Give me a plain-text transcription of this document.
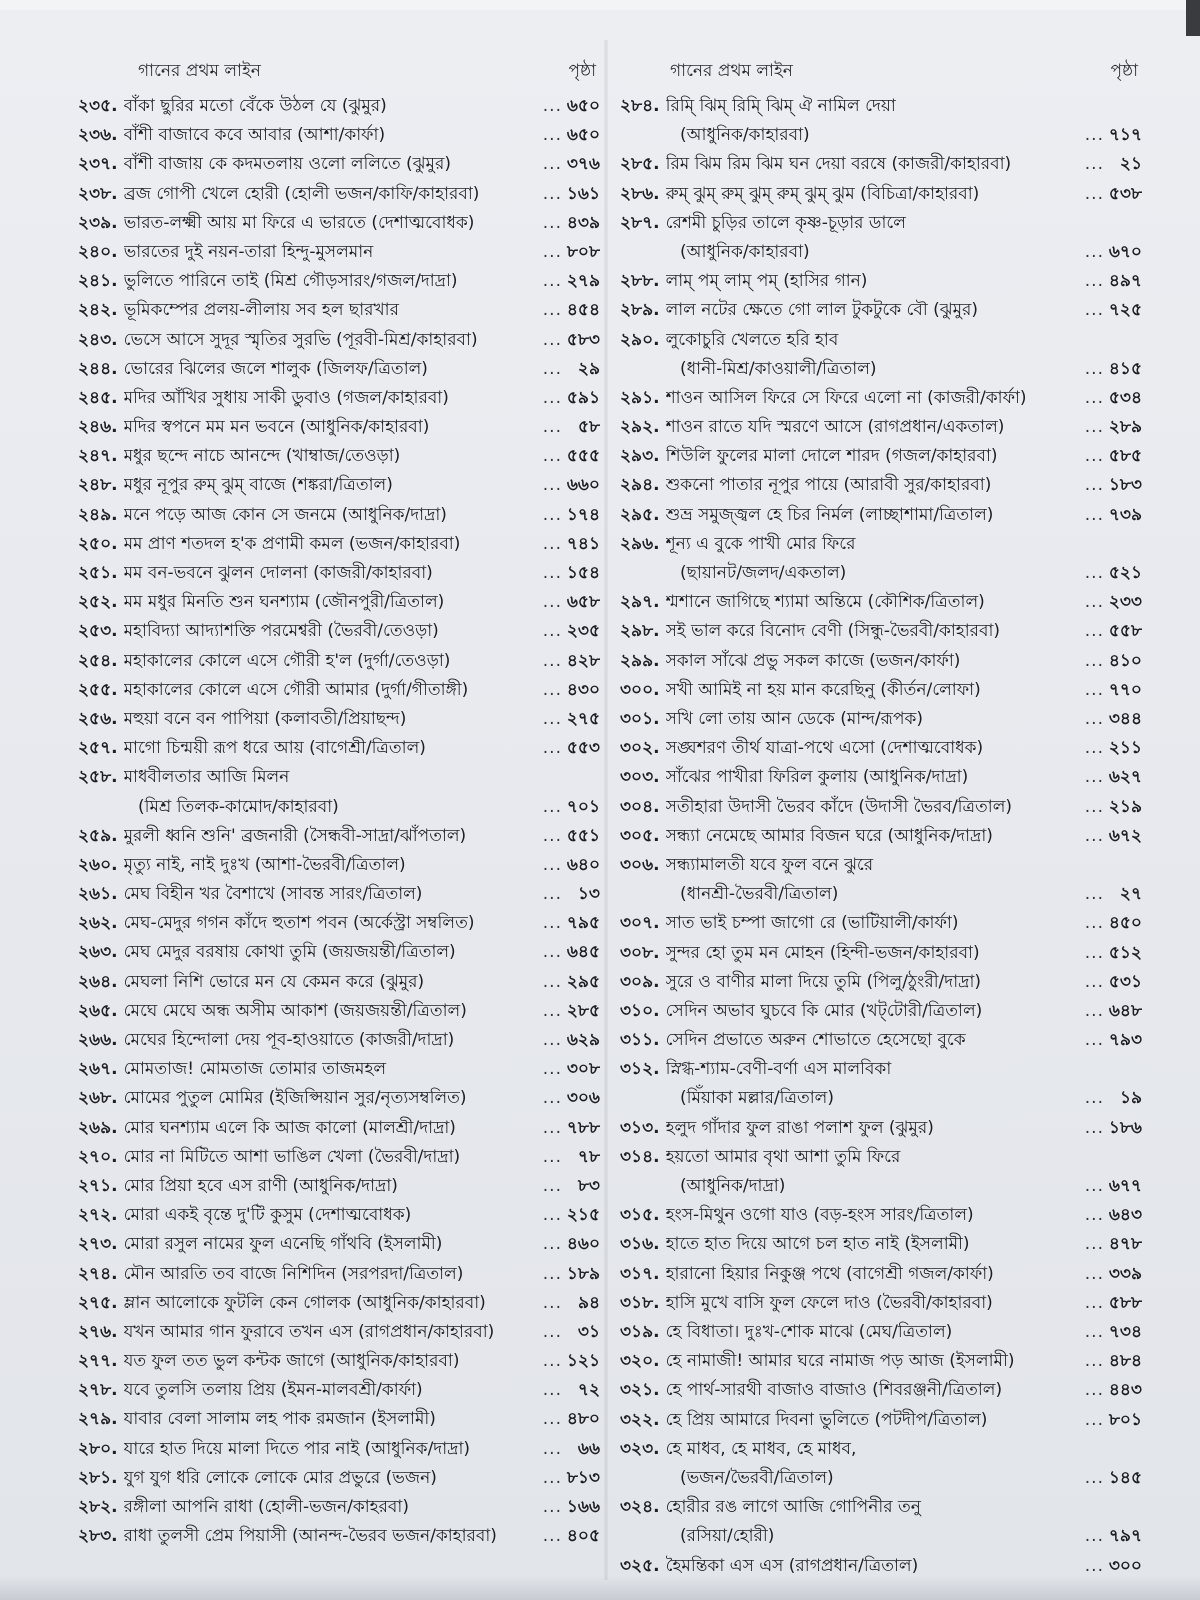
গানের প্রথম লাইন	পৃষ্ঠা
২৩৫. বাঁকা ছুরির মতো বেঁকে উঠল যে (ঝুমুর)	... ৬৫০
২৩৬. বাঁশী বাজাবে কবে আবার (আশা/কার্ফা)	... ৬৫০
২৩৭. বাঁশী বাজায় কে কদমতলায় ওলো ললিতে (ঝুমুর)	... ৩৭৬
২৩৮. ব্রজ গোপী খেলে হোরী (হোলী ভজন/কাফি/কাহারবা)	... ১৬১
২৩৯. ভারত-লক্ষ্মী আয় মা ফিরে এ ভারতে (দেশাত্মবোধক)	... ৪৩৯
২৪০. ভারতের দুই নয়ন-তারা হিন্দু-মুসলমান	... ৮০৮
২৪১. ভুলিতে পারিনে তাই (মিশ্র গৌড়সারং/গজল/দাদ্রা)	... ২৭৯
২৪২. ভূমিকম্পের প্রলয়-লীলায় সব হল ছারখার	... ৪৫৪
২৪৩. ভেসে আসে সুদূর স্মৃতির সুরভি (পূরবী-মিশ্র/কাহারবা)	... ৫৮৩
২৪৪. ভোরের ঝিলের জলে শালুক (জিলফ/ত্রিতাল)	... ২৯
২৪৫. মদির আঁখির সুধায় সাকী ডুবাও (গজল/কাহারবা)	... ৫৯১
২৪৬. মদির স্বপনে মম মন ভবনে (আধুনিক/কাহারবা)	... ৫৮
২৪৭. মধুর ছন্দে নাচে আনন্দে (খাম্বাজ/তেওড়া)	... ৫৫৫
২৪৮. মধুর নূপুর রুম্ ঝুম্ বাজে (শঙ্করা/ত্রিতাল)	... ৬৬০
২৪৯. মনে পড়ে আজ কোন সে জনমে (আধুনিক/দাদ্রা)	... ১৭৪
২৫০. মম প্রাণ শতদল হ'ক প্রণামী কমল (ভজন/কাহারবা)	... ৭৪১
২৫১. মম বন-ভবনে ঝুলন দোলনা (কাজরী/কাহারবা)	... ১৫৪
২৫২. মম মধুর মিনতি শুন ঘনশ্যাম (জৌনপুরী/ত্রিতাল)	... ৬৫৮
২৫৩. মহাবিদ্যা আদ্যাশক্তি পরমেশ্বরী (ভৈরবী/তেওড়া)	... ২৩৫
২৫৪. মহাকালের কোলে এসে গৌরী হ'ল (দুর্গা/তেওড়া)	... ৪২৮
২৫৫. মহাকালের কোলে এসে গৌরী আমার (দুর্গা/গীতাঙ্গী)	... ৪৩০
২৫৬. মহুয়া বনে বন পাপিয়া (কলাবতী/প্রিয়াছন্দ)	... ২৭৫
২৫৭. মাগো চিন্ময়ী রূপ ধরে আয় (বাগেশ্রী/ত্রিতাল)	... ৫৫৩
২৫৮. মাধবীলতার আজি মিলন
(মিশ্র তিলক-কামোদ/কাহারবা)	... ৭০১
২৫৯. মুরলী ধ্বনি শুনি' ব্রজনারী (সৈন্ধবী-সাদ্রা/ঝাঁপতাল)	... ৫৫১
২৬০. মৃত্যু নাই, নাই দুঃখ (আশা-ভৈরবী/ত্রিতাল)	... ৬৪০
২৬১. মেঘ বিহীন খর বৈশাখে (সাবন্ত সারং/ত্রিতাল)	... ১৩
২৬২. মেঘ-মেদুর গগন কাঁদে হুতাশ পবন (অর্কেস্ট্রা সম্বলিত)	... ৭৯৫
২৬৩. মেঘ মেদুর বরষায় কোথা তুমি (জয়জয়ন্তী/ত্রিতাল)	... ৬৪৫
২৬৪. মেঘলা নিশি ভোরে মন যে কেমন করে (ঝুমুর)	... ২৯৫
২৬৫. মেঘে মেঘে অন্ধ অসীম আকাশ (জয়জয়ন্তী/ত্রিতাল)	... ২৮৫
২৬৬. মেঘের হিন্দোলা দেয় পূব-হাওয়াতে (কাজরী/দাদ্রা)	... ৬২৯
২৬৭. মোমতাজ! মোমতাজ তোমার তাজমহল	... ৩০৮
২৬৮. মোমের পুতুল মোমির (ইজিপ্সিয়ান সুর/নৃত্যসম্বলিত)	... ৩০৬
২৬৯. মোর ঘনশ্যাম এলে কি আজ কালো (মালশ্রী/দাদ্রা)	... ৭৮৮
২৭০. মোর না মিটিতে আশা ভাঙিল খেলা (ভৈরবী/দাদ্রা)	... ৭৮
২৭১. মোর প্রিয়া হবে এস রাণী (আধুনিক/দাদ্রা)	... ৮৩
২৭২. মোরা একই বৃন্তে দু'টি কুসুম (দেশাত্মবোধক)	... ২১৫
২৭৩. মোরা রসুল নামের ফুল এনেছি গাঁথবি (ইসলামী)	... ৪৬০
২৭৪. মৌন আরতি তব বাজে নিশিদিন (সরপরদা/ত্রিতাল)	... ১৮৯
২৭৫. ম্লান আলোকে ফুটলি কেন গোলক (আধুনিক/কাহারবা)	... ৯৪
২৭৬. যখন আমার গান ফুরাবে তখন এস (রাগপ্রধান/কাহারবা)	... ৩১
২৭৭. যত ফুল তত ভুল কন্টক জাগে (আধুনিক/কাহারবা)	... ১২১
২৭৮. যবে তুলসি তলায় প্রিয় (ইমন-মালবশ্রী/কার্ফা)	... ৭২
২৭৯. যাবার বেলা সালাম লহ পাক রমজান (ইসলামী)	... ৪৮০
২৮০. যারে হাত দিয়ে মালা দিতে পার নাই (আধুনিক/দাদ্রা)	... ৬৬
২৮১. যুগ যুগ ধরি লোকে লোকে মোর প্রভুরে (ভজন)	... ৮১৩
২৮২. রঙ্গীলা আপনি রাধা (হোলী-ভজন/কাহরবা)	... ১৬৬
২৮৩. রাধা তুলসী প্রেম পিয়াসী (আনন্দ-ভৈরব ভজন/কাহারবা)	... ৪০৫
গানের প্রথম লাইন	পৃষ্ঠা
২৮৪. রিমি্ ঝিম্ রিমি্ ঝিম্ ঐ নামিল দেয়া
(আধুনিক/কাহারবা)	... ৭১৭
২৮৫. রিম ঝিম রিম ঝিম ঘন দেয়া বরষে (কাজরী/কাহারবা)	... ২১
২৮৬. রুম্ ঝুম্ রুম্ ঝুম্ রুম্ ঝুম্ ঝুম (বিচিত্রা/কাহারবা)	... ৫৩৮
২৮৭. রেশমী চুড়ির তালে কৃষ্ণ-চূড়ার ডালে
(আধুনিক/কাহারবা)	... ৬৭০
২৮৮. লাম্ পম্ লাম্ পম্ (হাসির গান)	... ৪৯৭
২৮৯. লাল নটের ক্ষেতে গো লাল টুকটুকে বৌ (ঝুমুর)	... ৭২৫
২৯০. লুকোচুরি খেলতে হরি হাব
(ধানী-মিশ্র/কাওয়ালী/ত্রিতাল)	... ৪১৫
২৯১. শাওন আসিল ফিরে সে ফিরে এলো না (কাজরী/কার্ফা)	... ৫৩৪
২৯২. শাওন রাতে যদি স্মরণে আসে (রাগপ্রধান/একতাল)	... ২৮৯
২৯৩. শিউলি ফুলের মালা দোলে শারদ (গজল/কাহারবা)	... ৫৮৫
২৯৪. শুকনো পাতার নূপুর পায়ে (আরাবী সুর/কাহারবা)	... ১৮৩
২৯৫. শুভ্র সমুজ্জ্বল হে চির নির্মল (লাচ্ছাশামা/ত্রিতাল)	... ৭৩৯
২৯৬. শূন্য এ বুকে পাখী মোর ফিরে
(ছায়ানট/জলদ/একতাল)	... ৫২১
২৯৭. শ্মশানে জাগিছে শ্যামা অন্তিমে (কৌশিক/ত্রিতাল)	... ২৩৩
২৯৮. সই ভাল করে বিনোদ বেণী (সিন্ধু-ভৈরবী/কাহারবা)	... ৫৫৮
২৯৯. সকাল সাঁঝে প্রভু সকল কাজে (ভজন/কার্ফা)	... ৪১০
৩০০. সখী আমিই না হয় মান করেছিনু (কীর্তন/লোফা)	... ৭৭০
৩০১. সখি লো তায় আন ডেকে (মান্দ/রূপক)	... ৩৪৪
৩০২. সঙ্ঘশরণ তীর্থ যাত্রা-পথে এসো (দেশাত্মবোধক)	... ২১১
৩০৩. সাঁঝের পাখীরা ফিরিল কুলায় (আধুনিক/দাদ্রা)	... ৬২৭
৩০৪. সতীহারা উদাসী ভৈরব কাঁদে (উদাসী ভৈরব/ত্রিতাল)	... ২১৯
৩০৫. সন্ধ্যা নেমেছে আমার বিজন ঘরে (আধুনিক/দাদ্রা)	... ৬৭২
৩০৬. সন্ধ্যামালতী যবে ফুল বনে ঝুরে
(ধানশ্রী-ভৈরবী/ত্রিতাল)	... ২৭
৩০৭. সাত ভাই চম্পা জাগো রে (ভাটিয়ালী/কার্ফা)	... ৪৫০
৩০৮. সুন্দর হো তুম মন মোহন (হিন্দী-ভজন/কাহারবা)	... ৫১২
৩০৯. সুরে ও বাণীর মালা দিয়ে তুমি (পিলু/ঠুংরী/দাদ্রা)	... ৫৩১
৩১০. সেদিন অভাব ঘুচবে কি মোর (খট্‌টোরী/ত্রিতাল)	... ৬৪৮
৩১১. সেদিন প্রভাতে অরুন শোভাতে হেসেছো বুকে	... ৭৯৩
৩১২. স্নিগ্ধ-শ্যাম-বেণী-বর্ণা এস মালবিকা
(মিঁয়াকা মল্লার/ত্রিতাল)	... ১৯
৩১৩. হলুদ গাঁদার ফুল রাঙা পলাশ ফুল (ঝুমুর)	... ১৮৬
৩১৪. হয়তো আমার বৃথা আশা তুমি ফিরে
(আধুনিক/দাদ্রা)	... ৬৭৭
৩১৫. হংস-মিথুন ওগো যাও (বড়-হংস সারং/ত্রিতাল)	... ৬৪৩
৩১৬. হাতে হাত দিয়ে আগে চল হাত নাই (ইসলামী)	... ৪৭৮
৩১৭. হারানো হিয়ার নিকুঞ্জ পথে (বাগেশ্রী গজল/কার্ফা)	... ৩৩৯
৩১৮. হাসি মুখে বাসি ফুল ফেলে দাও (ভৈরবী/কাহারবা)	... ৫৮৮
৩১৯. হে বিধাতা। দুঃখ-শোক মাঝে (মেঘ/ত্রিতাল)	... ৭৩৪
৩২০. হে নামাজী! আমার ঘরে নামাজ পড় আজ (ইসলামী)	... ৪৮৪
৩২১. হে পার্থ-সারথী বাজাও বাজাও (শিবরঞ্জনী/ত্রিতাল)	... ৪৪৩
৩২২. হে প্রিয় আমারে দিবনা ভুলিতে (পটদীপ/ত্রিতাল)	... ৮০১
৩২৩. হে মাধব, হে মাধব, হে মাধব,
(ভজন/ভৈরবী/ত্রিতাল)	... ১৪৫
৩২৪. হোরীর রঙ লাগে আজি গোপিনীর তনু
(রসিয়া/হোরী)	... ৭৯৭
৩২৫. হৈমন্তিকা এস এস (রাগপ্রধান/ত্রিতাল)	... ৩০০
